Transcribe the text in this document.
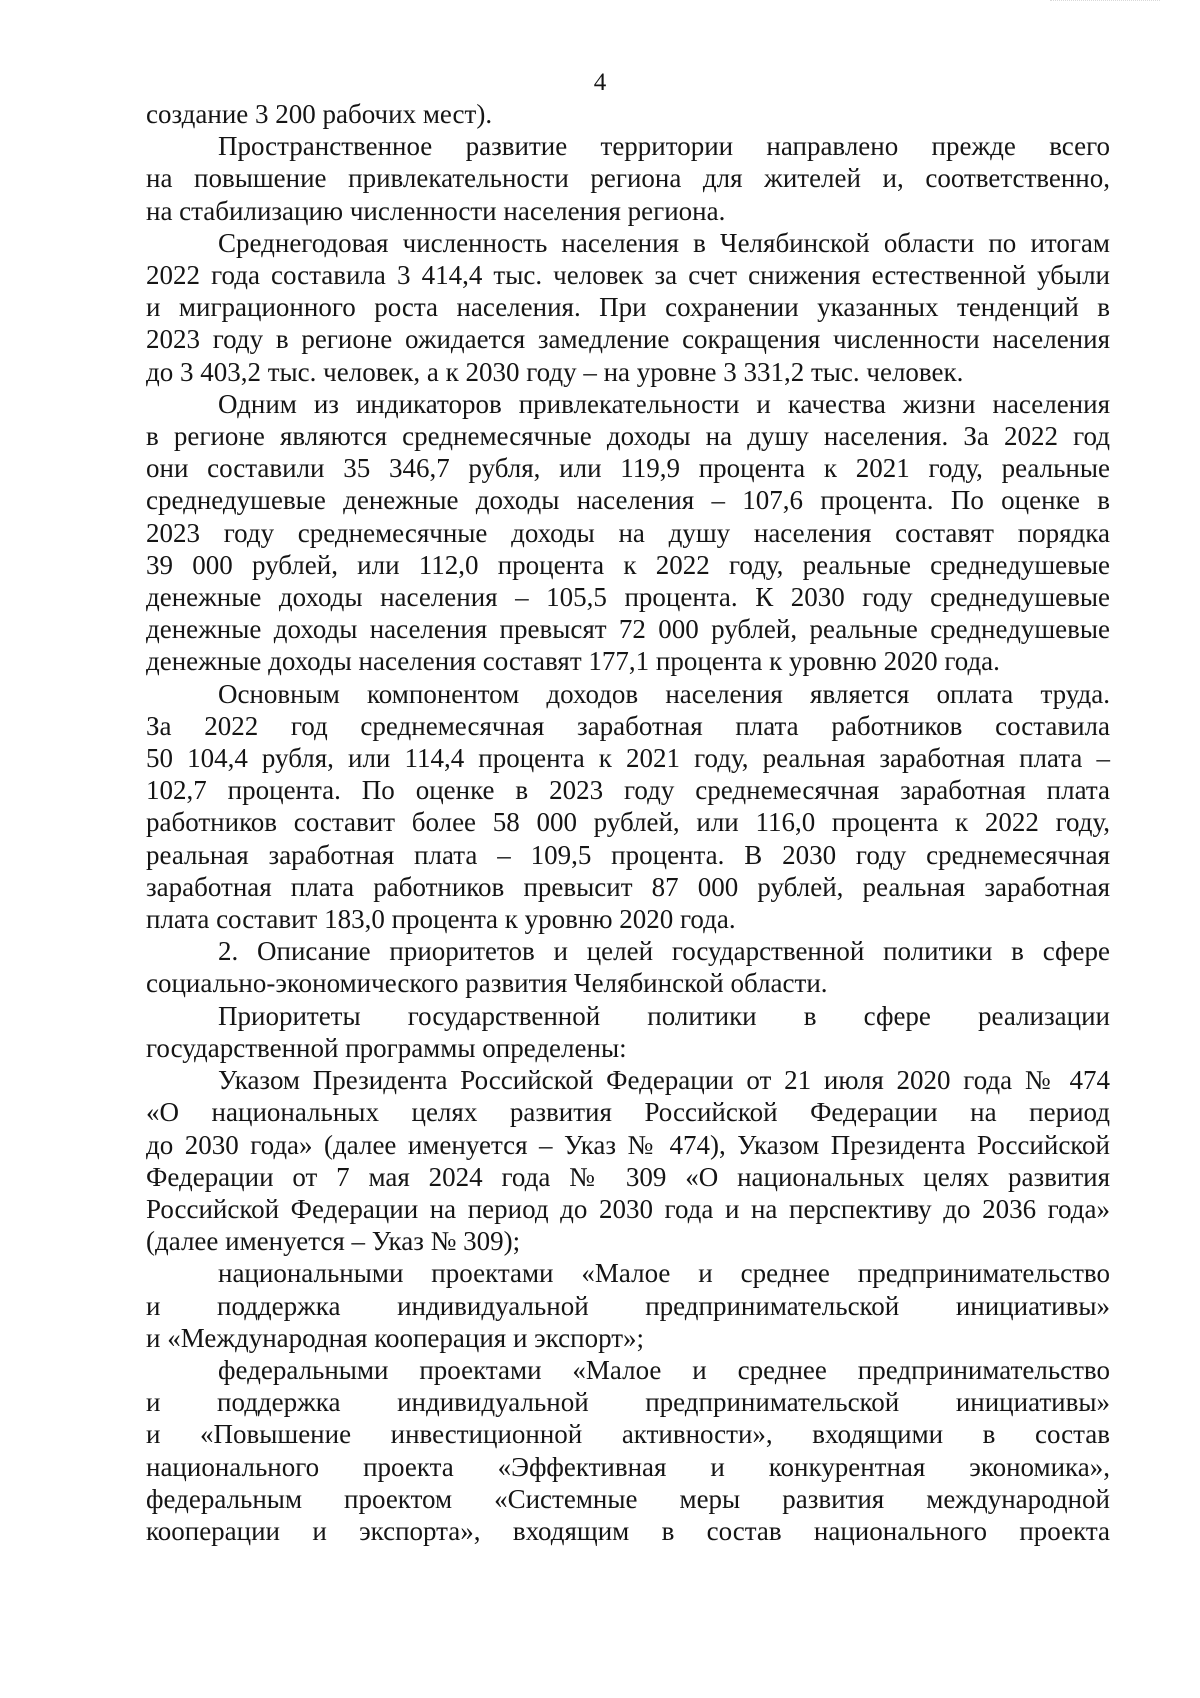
4

создание 3 200 рабочих мест).

Пространственное развитие территории направлено прежде всего

на повышение привлекательности региона для жителей и, соответственно,

на стабилизацию численности населения региона.

Среднегодовая численность населения в Челябинской области по итогам

2022 года составила 3 414,4 тыс. человек за счет снижения естественной убыли

и миграционного роста населения. При сохранении указанных тенденций в

2023 году в регионе ожидается замедление сокращения численности населения

до 3 403,2 тыс. человек, а к 2030 году – на уровне 3 331,2 тыс. человек.

Одним из индикаторов привлекательности и качества жизни населения

в регионе являются среднемесячные доходы на душу населения. За 2022 год

они составили 35 346,7 рубля, или 119,9 процента к 2021 году, реальные

среднедушевые денежные доходы населения – 107,6 процента. По оценке в

2023 году среднемесячные доходы на душу населения составят порядка

39 000 рублей, или 112,0 процента к 2022 году, реальные среднедушевые

денежные доходы населения – 105,5 процента. К 2030 году среднедушевые

денежные доходы населения превысят 72 000 рублей, реальные среднедушевые

денежные доходы населения составят 177,1 процента к уровню 2020 года.

Основным компонентом доходов населения является оплата труда.

За 2022 год среднемесячная заработная плата работников составила

50 104,4 рубля, или 114,4 процента к 2021 году, реальная заработная плата –

102,7 процента. По оценке в 2023 году среднемесячная заработная плата

работников составит более 58 000 рублей, или 116,0 процента к 2022 году,

реальная заработная плата – 109,5 процента. В 2030 году среднемесячная

заработная плата работников превысит 87 000 рублей, реальная заработная

плата составит 183,0 процента к уровню 2020 года.

2. Описание приоритетов и целей государственной политики в сфере

социально-экономического развития Челябинской области.

Приоритеты государственной политики в сфере реализации

государственной программы определены:

Указом Президента Российской Федерации от 21 июля 2020 года № 474

«О национальных целях развития Российской Федерации на период

до 2030 года» (далее именуется – Указ № 474), Указом Президента Российской

Федерации от 7 мая 2024 года № 309 «О национальных целях развития

Российской Федерации на период до 2030 года и на перспективу до 2036 года»

(далее именуется – Указ № 309);

национальными проектами «Малое и среднее предпринимательство

и поддержка индивидуальной предпринимательской инициативы»

и «Международная кооперация и экспорт»;

федеральными проектами «Малое и среднее предпринимательство

и поддержка индивидуальной предпринимательской инициативы»

и «Повышение инвестиционной активности», входящими в состав

национального проекта «Эффективная и конкурентная экономика»,

федеральным проектом «Системные меры развития международной

кооперации и экспорта», входящим в состав национального проекта
